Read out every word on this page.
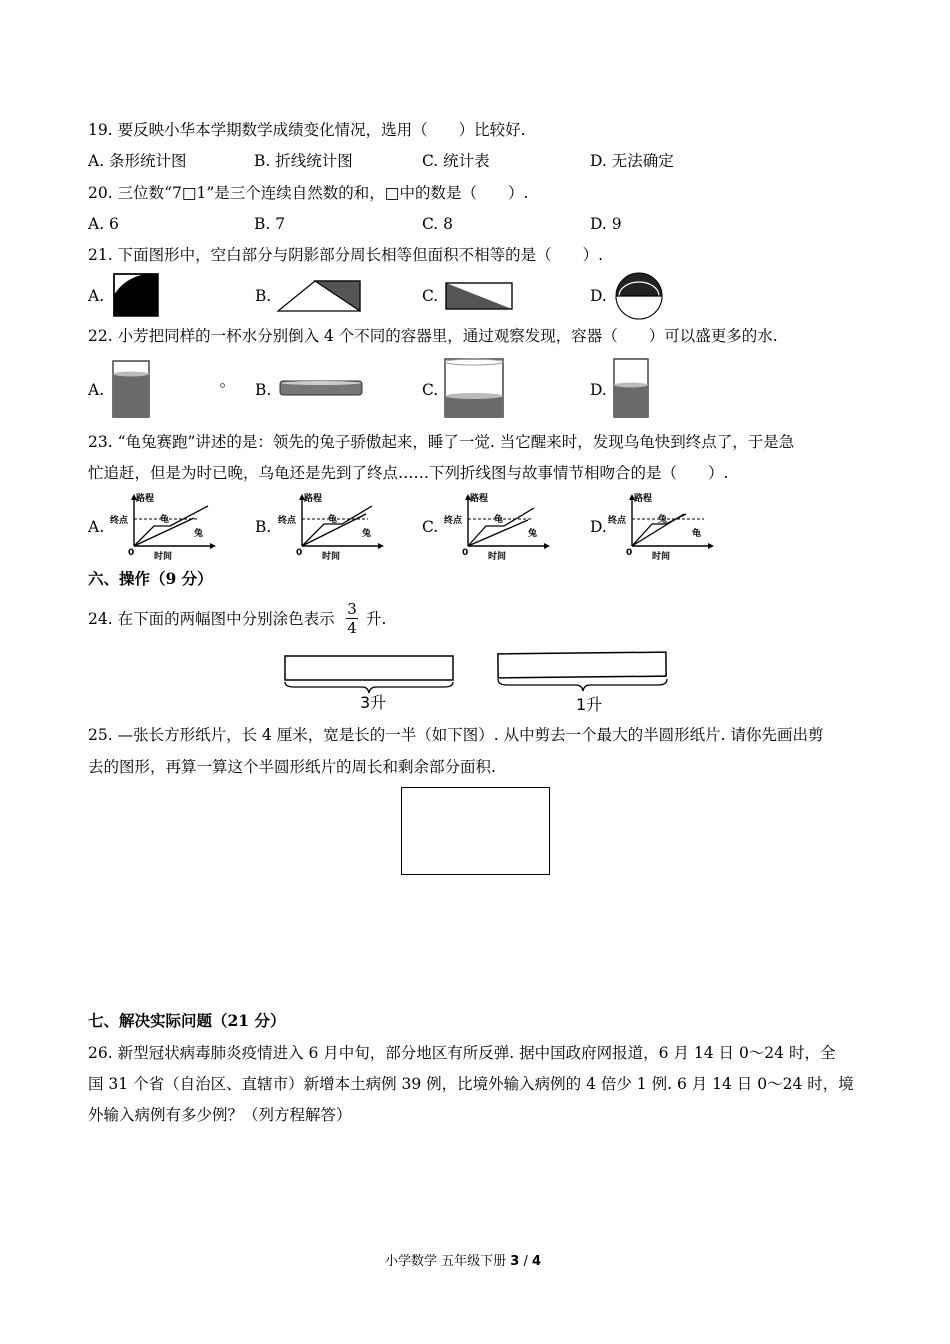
19. 要反映小华本学期数学成绩变化情况，选用（　　）比较好.
A. 条形统计图	B. 折线统计图	C. 统计表	D. 无法确定
20. 三位数“7□1”是三个连续自然数的和，□中的数是（　　）.
A. 6	B. 7	C. 8	D. 9
21. 下面图形中，空白部分与阴影部分周长相等但面积不相等的是（　　）.
A.	B.	C.	D.
22. 小芳把同样的一杯水分别倒入 4 个不同的容器里，通过观察发现，容器（　　）可以盛更多的水.
A.	B.	C.	D.
23. “龟兔赛跑”讲述的是：领先的兔子骄傲起来，睡了一觉. 当它醒来时，发现乌龟快到终点了，于是急
忙追赶，但是为时已晚，乌龟还是先到了终点……下列折线图与故事情节相吻合的是（　　）.
A.
路程
终点
0 时间
龟
兔	B.
路程
终点
0 时间
龟
兔	C.
路程
终点
0 时间
龟
兔	D.
路程
终点
0 时间
兔
龟
六、操作（9 分）
24. 在下面的两幅图中分别涂色表示
3
4 升.
3升	1升
25. —张长方形纸片，长 4 厘米，宽是长的一半（如下图）. 从中剪去一个最大的半圆形纸片. 请你先画出剪
去的图形，再算一算这个半圆形纸片的周长和剩余部分面积.
七、解决实际问题（21 分）
26. 新型冠状病毒肺炎疫情进入 6 月中旬，部分地区有所反弹. 据中国政府网报道，6 月 14 日 0～24 时，全
国 31 个省（自治区、直辖市）新增本土病例 39 例，比境外输入病例的 4 倍少 1 例. 6 月 14 日 0～24 时，境
外输入病例有多少例？（列方程解答）
小学数学 五年级下册 3 / 4
